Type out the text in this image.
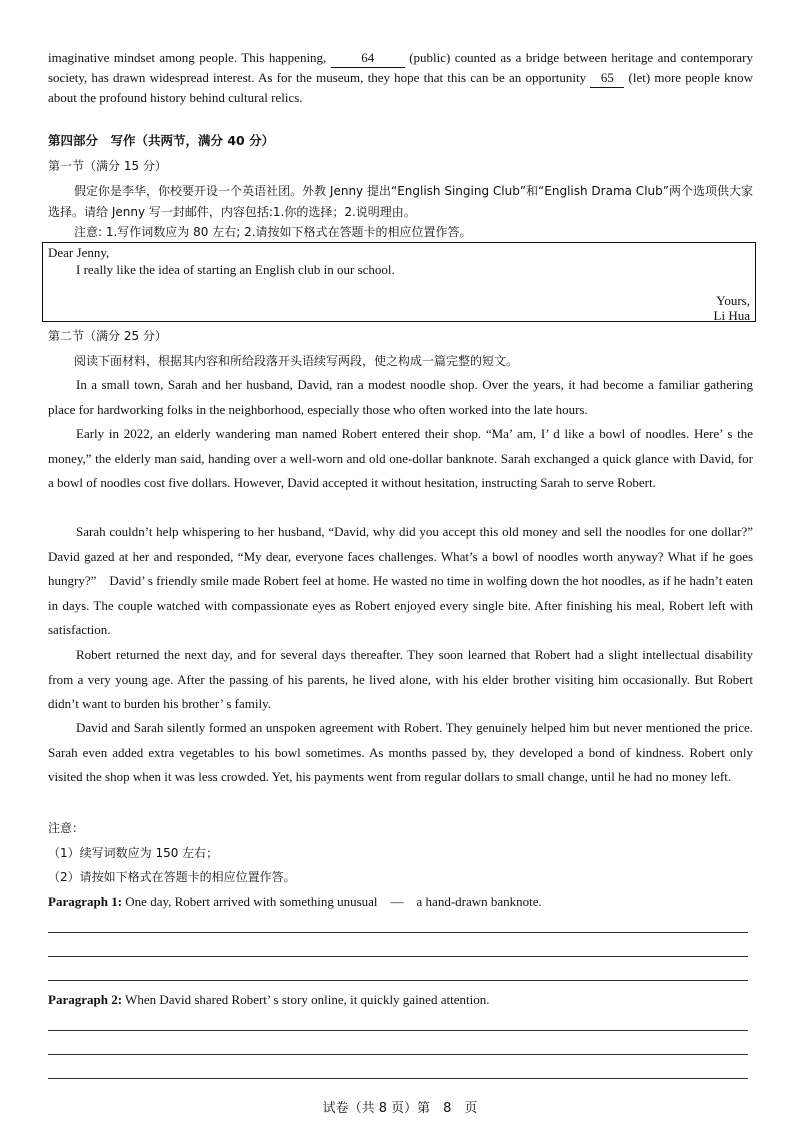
imaginative mindset among people. This happening, 64 (public) counted as a bridge between heritage and contemporary society, has drawn widespread interest. As for the museum, they hope that this can be an opportunity 65 (let) more people know about the profound history behind cultural relics.
第四部分　写作（共两节，满分 40 分）
第一节（满分 15 分）
假定你是李华，你校要开设一个英语社团。外教 Jenny 提出“English Singing Club”和“English Drama Club”两个选项供大家选择。请给 Jenny 写一封邮件，内容包括:1.你的选择；2.说明理由。
注意: 1.写作词数应为 80 左右; 2.请按如下格式在答题卡的相应位置作答。
Dear Jenny,
I really like the idea of starting an English club in our school.
Yours,
Li Hua
第二节（满分 25 分）
阅读下面材料，根据其内容和所给段落开头语续写两段，使之构成一篇完整的短文。
In a small town, Sarah and her husband, David, ran a modest noodle shop. Over the years, it had become a familiar gathering place for hardworking folks in the neighborhood, especially those who often worked into the late hours.
Early in 2022, an elderly wandering man named Robert entered their shop. “Ma’ am, I’ d like a bowl of noodles. Here’ s the money,” the elderly man said, handing over a well-worn and old one-dollar banknote. Sarah exchanged a quick glance with David, for a bowl of noodles cost five dollars. However, David accepted it without hesitation, instructing Sarah to serve Robert.
Sarah couldn’t help whispering to her husband, “David, why did you accept this old money and sell the noodles for one dollar?” David gazed at her and responded, “My dear, everyone faces challenges. What’s a bowl of noodles worth anyway? What if he goes hungry?”    David’ s friendly smile made Robert feel at home. He wasted no time in wolfing down the hot noodles, as if he hadn’t eaten in days. The couple watched with compassionate eyes as Robert enjoyed every single bite. After finishing his meal, Robert left with satisfaction.
Robert returned the next day, and for several days thereafter. They soon learned that Robert had a slight intellectual disability from a very young age. After the passing of his parents, he lived alone, with his elder brother visiting him occasionally. But Robert didn’t want to burden his brother’ s family.
David and Sarah silently formed an unspoken agreement with Robert. They genuinely helped him but never mentioned the price. Sarah even added extra vegetables to his bowl sometimes. As months passed by, they developed a bond of kindness. Robert only visited the shop when it was less crowded. Yet, his payments went from regular dollars to small change, until he had no money left.
注意：
（1）续写词数应为 150 左右；
（2）请按如下格式在答题卡的相应位置作答。
Paragraph 1: One day, Robert arrived with something unusual　—　a hand-drawn banknote.
Paragraph 2: When David shared Robert’ s story online, it quickly gained attention.
试卷（共 8 页）第　8　页
